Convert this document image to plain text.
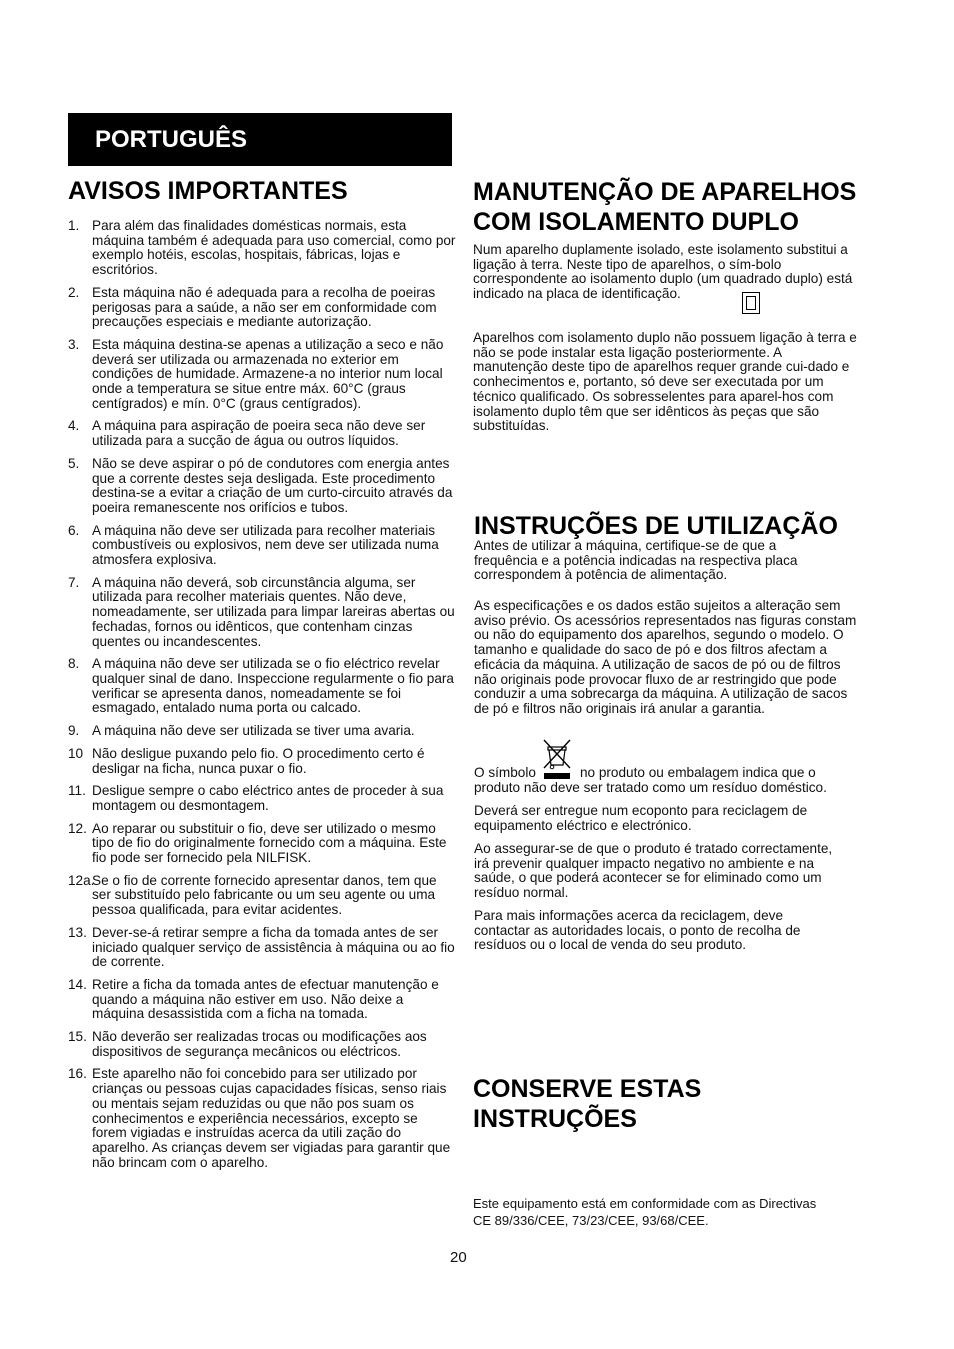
PORTUGUÊS
AVISOS IMPORTANTES
1. Para além das finalidades domésticas normais, esta máquina também é adequada para uso comercial, como por exemplo hotéis, escolas, hospitais, fábricas, lojas e escritórios.
2. Esta máquina não é adequada para a recolha de poeiras perigosas para a saúde, a não ser em conformidade com precauções especiais e mediante autorização.
3. Esta máquina destina-se apenas a utilização a seco e não deverá ser utilizada ou armazenada no exterior em condições de humidade. Armazene-a no interior num local onde a temperatura se situe entre máx. 60°C (graus centígrados) e mín. 0°C (graus centígrados).
4. A máquina para aspiração de poeira seca não deve ser utilizada para a sucção de água ou outros líquidos.
5. Não se deve aspirar o pó de condutores com energia antes que a corrente destes seja desligada. Este procedimento destina-se a evitar a criação de um curto-circuito através da poeira remanescente nos orifícios e tubos.
6. A máquina não deve ser utilizada para recolher materiais combustíveis ou explosivos, nem deve ser utilizada numa atmosfera explosiva.
7. A máquina não deverá, sob circunstância alguma, ser utilizada para recolher materiais quentes. Não deve, nomeadamente, ser utilizada para limpar lareiras abertas ou fechadas, fornos ou idênticos, que contenham cinzas quentes ou incandescentes.
8. A máquina não deve ser utilizada se o fio eléctrico revelar qualquer sinal de dano. Inspeccione regularmente o fio para verificar se apresenta danos, nomeadamente se foi esmagado, entalado numa porta ou calcado.
9. A máquina não deve ser utilizada se tiver uma avaria.
10 Não desligue puxando pelo fio. O procedimento certo é desligar na ficha, nunca puxar o fio.
11. Desligue sempre o cabo eléctrico antes de proceder à sua montagem ou desmontagem.
12. Ao reparar ou substituir o fio, deve ser utilizado o mesmo tipo de fio do originalmente fornecido com a máquina. Este fio pode ser fornecido pela NILFISK.
12a.
Se o fio de corrente fornecido apresentar danos, tem que ser substituído pelo fabricante ou um seu agente ou uma pessoa qualificada, para evitar acidentes.
13. Dever-se-á retirar sempre a ficha da tomada antes de ser iniciado qualquer serviço de assistência à máquina ou ao fio de corrente.
14. Retire a ficha da tomada antes de efectuar manutenção e quando a máquina não estiver em uso. Não deixe a máquina desassistida com a ficha na tomada.
15. Não deverão ser realizadas trocas ou modificações aos dispositivos de segurança mecânicos ou eléctricos.
16. Este aparelho não foi concebido para ser utilizado por crianças ou pessoas cujas capacidades físicas, senso riais ou mentais sejam reduzidas ou que não pos suam os conhecimentos e experiência necessários, excepto se forem vigiadas e instruídas acerca da utili zação do aparelho. As crianças devem ser vigiadas para garantir que não brincam com o aparelho.
MANUTENÇÃO DE APARELHOS
COM ISOLAMENTO DUPLO

Num aparelho duplamente isolado, este isolamento substitui a ligação à terra. Neste tipo de aparelhos, o sím-bolo correspondente ao isolamento duplo (um quadrado duplo) está indicado na placa de identificação.

Aparelhos com isolamento duplo não possuem ligação à terra e não se pode instalar esta ligação posteriormente. A manutenção deste tipo de aparelhos requer grande cui-dado e conhecimentos e, portanto, só deve ser executada por um técnico qualificado. Os sobresselentes para aparel-hos com isolamento duplo têm que ser idênticos às peças que são substituídas.

INSTRUÇÕES DE UTILIZAÇÃO

Antes de utilizar a máquina, certifique-se de que a frequência e a potência indicadas na respectiva placa correspondem à potência de alimentação.

As especificações e os dados estão sujeitos a alteração sem aviso prévio. Os acessórios representados nas figuras constam ou não do equipamento dos aparelhos, segundo o modelo. O tamanho e qualidade do saco de pó e dos filtros afectam a eficácia da máquina. A utilização de sacos de pó ou de filtros não originais pode provocar fluxo de ar restringido que pode conduzir a uma sobrecarga da máquina. A utilização de sacos de pó e filtros não originais irá anular a garantia.

O símbolo	no produto ou embalagem indica que o
produto não deve ser tratado como um resíduo doméstico.

Deverá ser entregue num ecoponto para reciclagem de equipamento eléctrico e electrónico.

Ao assegurar-se de que o produto é tratado correctamente, irá prevenir qualquer impacto negativo no ambiente e na saúde, o que poderá acontecer se for eliminado como um resíduo normal.

Para mais informações acerca da reciclagem, deve contactar as autoridades locais, o ponto de recolha de resíduos ou o local de venda do seu produto.

CONSERVE ESTAS
INSTRUÇÕES

Este equipamento está em conformidade com as Directivas
CE 89/336/CEE, 73/23/CEE, 93/68/CEE.

20
